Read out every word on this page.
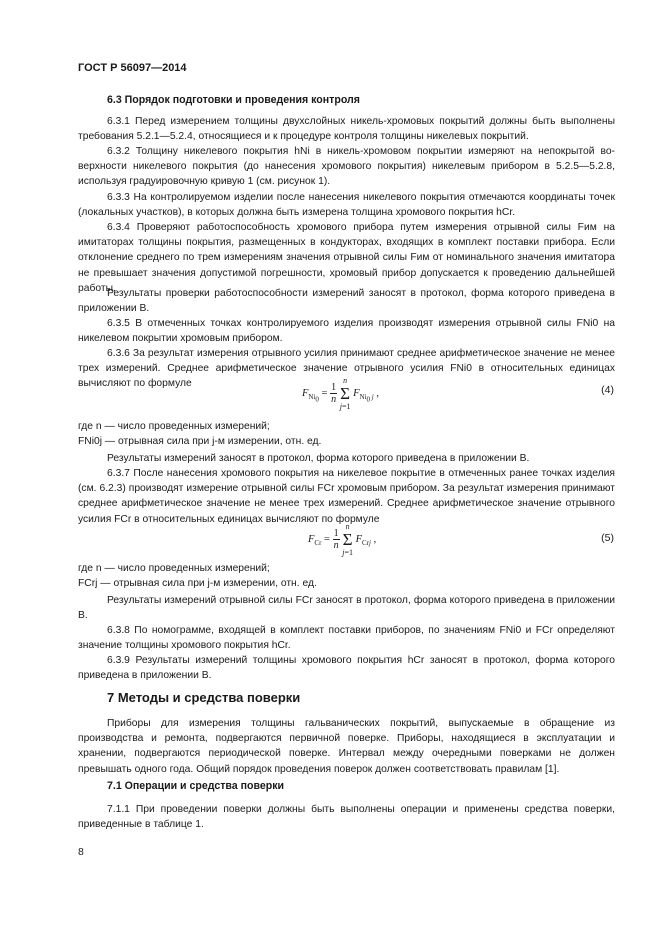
ГОСТ Р 56097—2014
6.3 Порядок подготовки и проведения контроля
6.3.1 Перед измерением толщины двухслойных никель-хромовых покрытий должны быть выполнены требования 5.2.1—5.2.4, относящиеся и к процедуре контроля толщины никелевых покрытий.
6.3.2 Толщину никелевого покрытия hNi в никель-хромовом покрытии измеряют на непокрытой во-верхности никелевого покрытия (до нанесения хромового покрытия) никелевым прибором в 5.2.5—5.2.8, используя градуировочную кривую 1 (см. рисунок 1).
6.3.3 На контролируемом изделии после нанесения никелевого покрытия отмечаются координаты точек (локальных участков), в которых должна быть измерена толщина хромового покрытия hCr.
6.3.4 Проверяют работоспособность хромового прибора путем измерения отрывной силы Fим на имитаторах толщины покрытия, размещенных в кондукторах, входящих в комплект поставки прибора. Если отклонение среднего по трем измерениям значения отрывной силы Fим от номинального значения имитатора не превышает значения допустимой погрешности, хромовый прибор допускается к проведению дальнейшей работы.
Результаты проверки работоспособности измерений заносят в протокол, форма которого приведена в приложении В.
6.3.5 В отмеченных точках контролируемого изделия производят измерения отрывной силы FNi0 на никелевом покрытии хромовым прибором.
6.3.6 За результат измерения отрывного усилия принимают среднее арифметическое значение не менее трех измерений. Среднее арифметическое значение отрывного усилия FNi0 в относительных единицах вычисляют по формуле
$F_{Ni_0} = \frac{1}{n}$
n
Σ
j=1 $F_{Ni_0 j}$ ,	(4)
где n — число проведенных измерений;
FNi0j — отрывная сила при j-м измерении, отн. ед.
Результаты измерений заносят в протокол, форма которого приведена в приложении В.
6.3.7 После нанесения хромового покрытия на никелевое покрытие в отмеченных ранее точках изделия (см. 6.2.3) производят измерение отрывной силы FCr хромовым прибором. За результат измерения принимают среднее арифметическое значение не менее трех измерений. Среднее арифметическое значение отрывного усилия FCr в относительных единицах вычисляют по формуле
$F_{Cr} = \frac{1}{n}$
n
Σ
j=1 $F_{Crj}$ ,	(5)
где n — число проведенных измерений;
FCrj — отрывная сила при j-м измерении, отн. ед.
Результаты измерений отрывной силы FCr заносят в протокол, форма которого приведена в приложении В.
6.3.8 По номограмме, входящей в комплект поставки приборов, по значениям FNi0 и FCr определяют значение толщины хромового покрытия hCr.
6.3.9 Результаты измерений толщины хромового покрытия hCr заносят в протокол, форма которого приведена в приложении В.
7 Методы и средства поверки
Приборы для измерения толщины гальванических покрытий, выпускаемые в обращение из производства и ремонта, подвергаются первичной поверке. Приборы, находящиеся в эксплуатации и хранении, подвергаются периодической поверке. Интервал между очередными поверками не должен превышать одного года. Общий порядок проведения поверок должен соответствовать правилам [1].
7.1 Операции и средства поверки
7.1.1 При проведении поверки должны быть выполнены операции и применены средства поверки, приведенные в таблице 1.
8
